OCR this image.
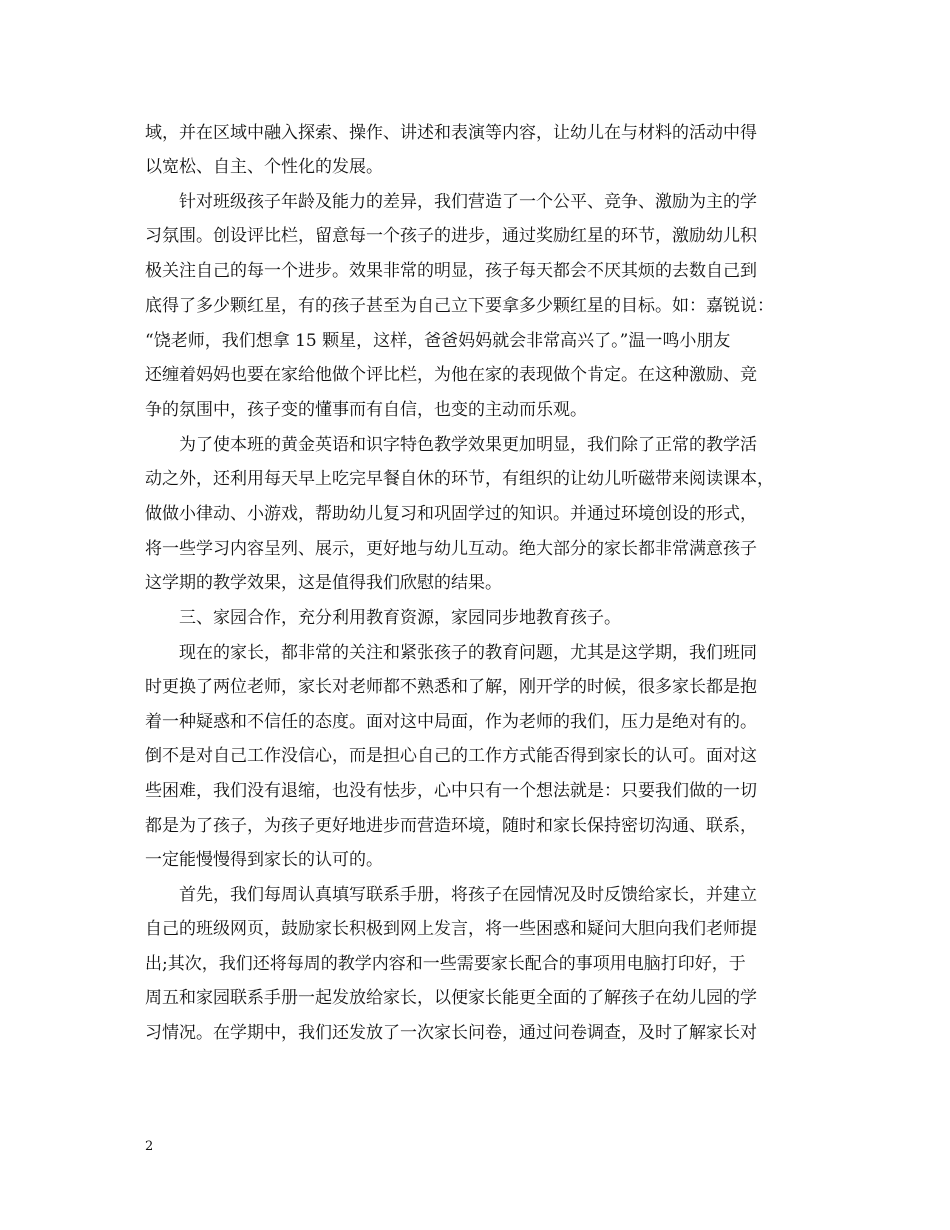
域，并在区域中融入探索、操作、讲述和表演等内容，让幼儿在与材料的活动中得
以宽松、自主、个性化的发展。
　　针对班级孩子年龄及能力的差异，我们营造了一个公平、竞争、激励为主的学
习氛围。创设评比栏，留意每一个孩子的进步，通过奖励红星的环节，激励幼儿积
极关注自己的每一个进步。效果非常的明显，孩子每天都会不厌其烦的去数自己到
底得了多少颗红星，有的孩子甚至为自己立下要拿多少颗红星的目标。如：嘉锐说：
“饶老师，我们想拿 15 颗星，这样，爸爸妈妈就会非常高兴了。”温一鸣小朋友
还缠着妈妈也要在家给他做个评比栏，为他在家的表现做个肯定。在这种激励、竞
争的氛围中，孩子变的懂事而有自信，也变的主动而乐观。
　　为了使本班的黄金英语和识字特色教学效果更加明显，我们除了正常的教学活
动之外，还利用每天早上吃完早餐自休的环节，有组织的让幼儿听磁带来阅读课本，
做做小律动、小游戏，帮助幼儿复习和巩固学过的知识。并通过环境创设的形式，
将一些学习内容呈列、展示，更好地与幼儿互动。绝大部分的家长都非常满意孩子
这学期的教学效果，这是值得我们欣慰的结果。
　　三、家园合作，充分利用教育资源，家园同步地教育孩子。
　　现在的家长，都非常的关注和紧张孩子的教育问题，尤其是这学期，我们班同
时更换了两位老师，家长对老师都不熟悉和了解，刚开学的时候，很多家长都是抱
着一种疑惑和不信任的态度。面对这中局面，作为老师的我们，压力是绝对有的。
倒不是对自己工作没信心，而是担心自己的工作方式能否得到家长的认可。面对这
些困难，我们没有退缩，也没有怯步，心中只有一个想法就是：只要我们做的一切
都是为了孩子，为孩子更好地进步而营造环境，随时和家长保持密切沟通、联系，
一定能慢慢得到家长的认可的。
　　首先，我们每周认真填写联系手册，将孩子在园情况及时反馈给家长，并建立
自己的班级网页，鼓励家长积极到网上发言，将一些困惑和疑问大胆向我们老师提
出;其次，我们还将每周的教学内容和一些需要家长配合的事项用电脑打印好，于
周五和家园联系手册一起发放给家长，以便家长能更全面的了解孩子在幼儿园的学
习情况。在学期中，我们还发放了一次家长问卷，通过问卷调查，及时了解家长对
2
